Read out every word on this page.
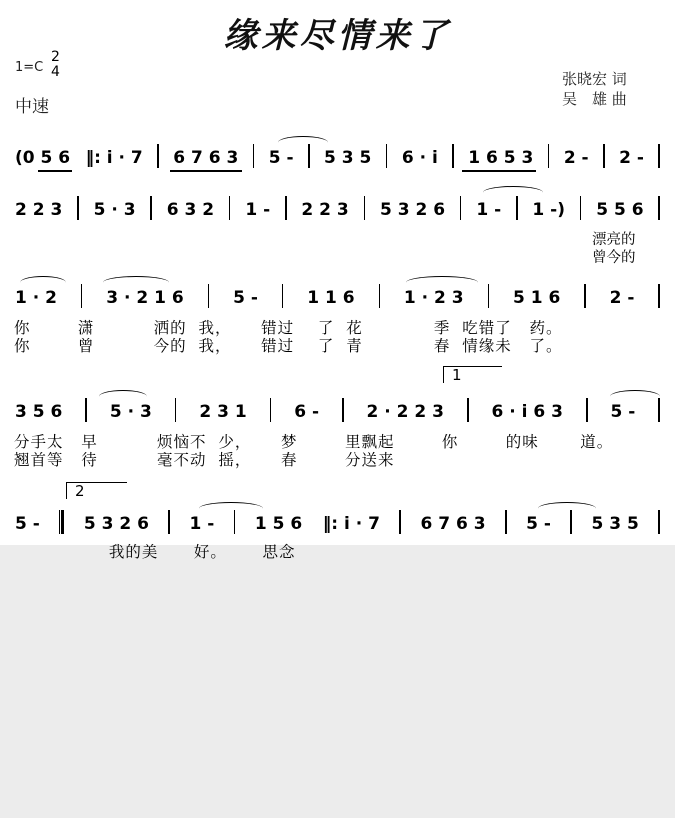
缘来尽情来了
1=C
2
4
中速
张晓宏 词
吴　雄 曲
(0 5 6 ‖: i · 7 6 7 6 3 5 - 5 3 5 6 · i 1 6 5 3 2 - 2 -
2 2 3 5 · 3 6 3 2 1 - 2 2 3 5 3 2 6 1 - 1 -) 5 5 6
漂亮的
曾今的
1 · 2	3 · 2 1 6	5 -	1 1 6	1 · 2 3	5 1 6	2 -
你        潇          洒的  我，     错过    了  花            季  吃错了   药。
你        曾          今的  我，     错过    了  青            春  情缘未   了。
1
3 5 6	5 · 3	2 3 1	6 -	2 · 2 2 3	6 · i 6 3	5 -
分手太   早          烦恼不  少，     梦        里飘起        你        的味       道。
翘首等   待          毫不动  摇，     春        分送来
2
5 -	5 3 2 6 1 - 1 5 6 ‖: i · 7 6 7 6 3 5 - 5 3 5
我的美      好。      思念
